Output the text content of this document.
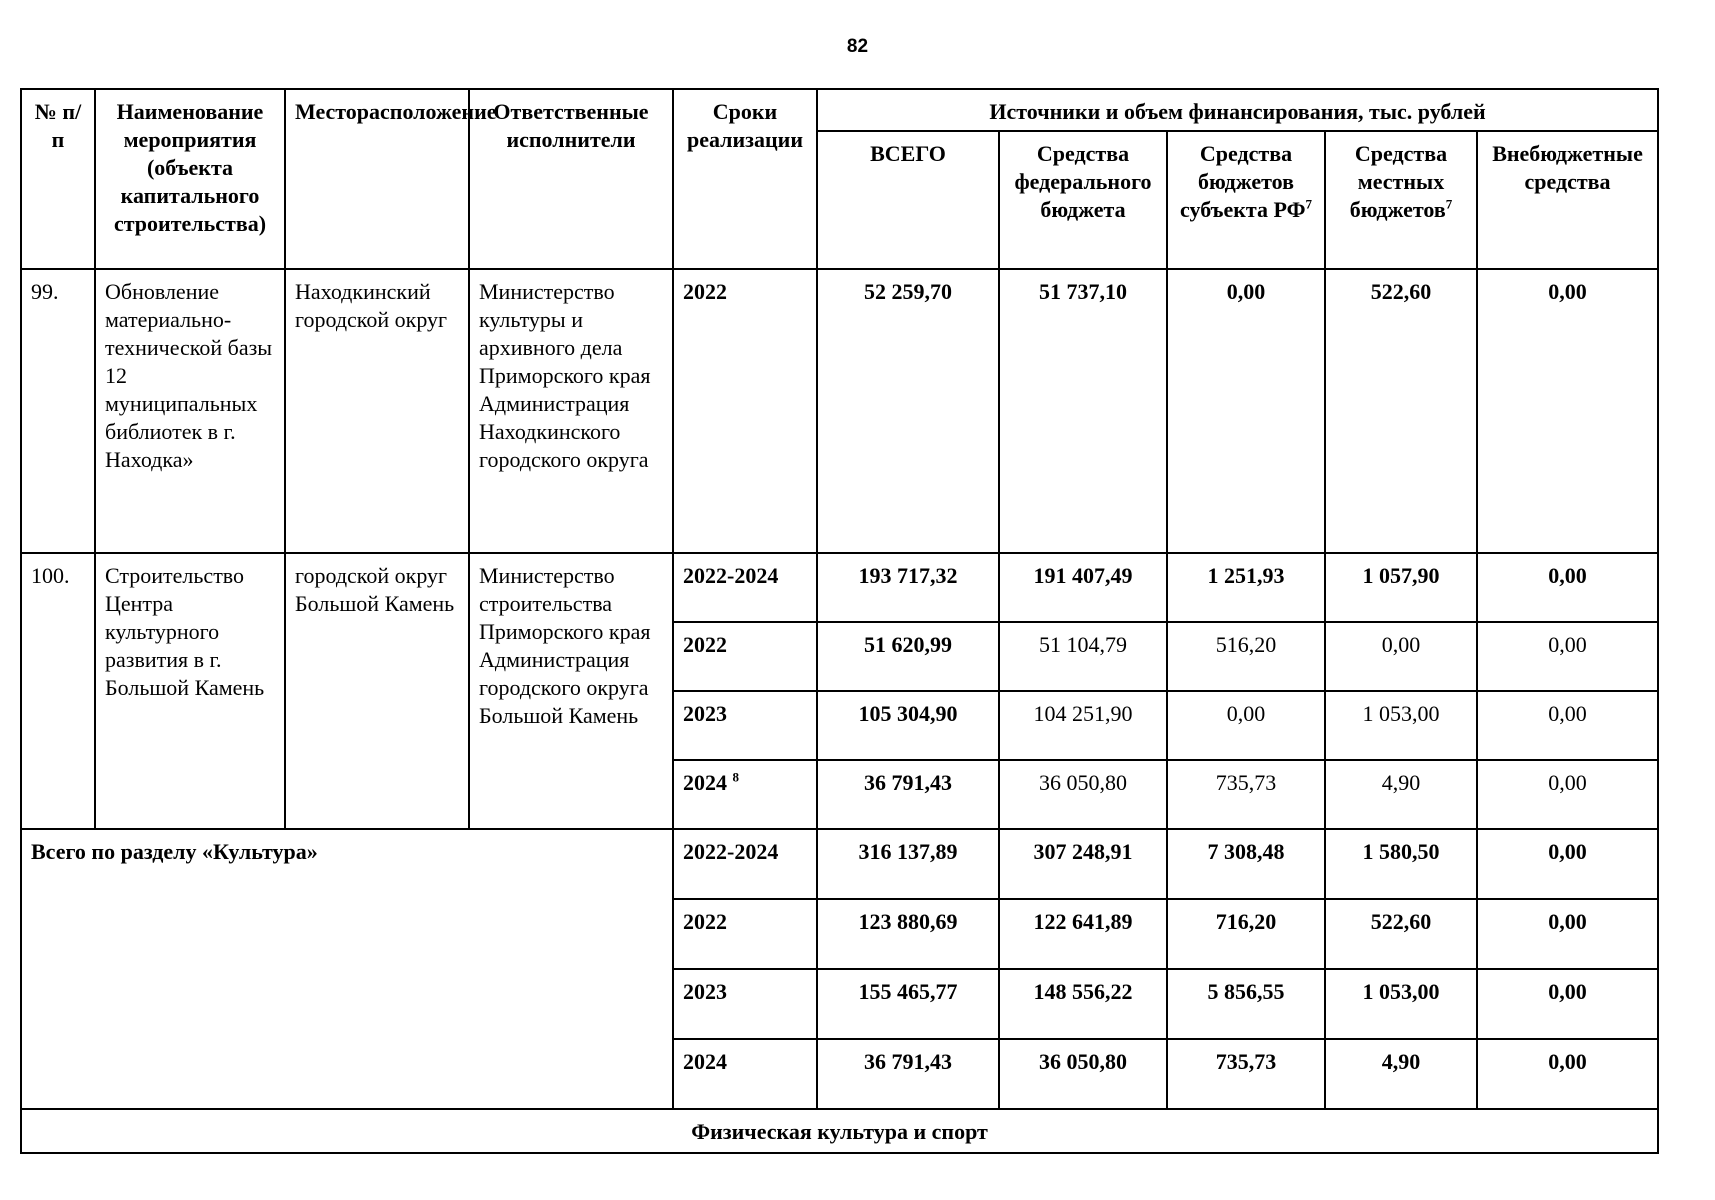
82
№ п/п	Наименование мероприятия (объекта капитального строительства)	Месторасположение	Ответственные исполнители	Сроки реализации	Источники и объем финансирования, тыс. рублей				
					ВСЕГО	Средства федерального бюджета	Средства бюджетов субъекта $РФ^7$	Средства местных бюджетов$^7$	Внебюджетные средства
99.	Обновление материально-технической базы 12 муниципальных библиотек в г. Находка»	Находкинский городской округ	Министерство культуры и архивного дела Приморского края Администрация Находкинского городского округа	2022	52 259,70	51 737,10	0,00	522,60	0,00
100.	Строительство Центра культурного развития в г. Большой Камень	городской округ Большой Камень	Министерство строительства Приморского края Администрация городского округа Большой Камень	2022-2024	193 717,32	191 407,49	1 251,93	1 057,90	0,00
				2022	51 620,99	51 104,79	516,20	0,00	0,00
				2023	105 304,90	104 251,90	0,00	1 053,00	0,00
				2024 $^8$	36 791,43	36 050,80	735,73	4,90	0,00
Всего по разделу «Культура»				2022-2024	316 137,89	307 248,91	7 308,48	1 580,50	0,00
				2022	123 880,69	122 641,89	716,20	522,60	0,00
				2023	155 465,77	148 556,22	5 856,55	1 053,00	0,00
				2024	36 791,43	36 050,80	735,73	4,90	0,00
Физическая культура и спорт									
